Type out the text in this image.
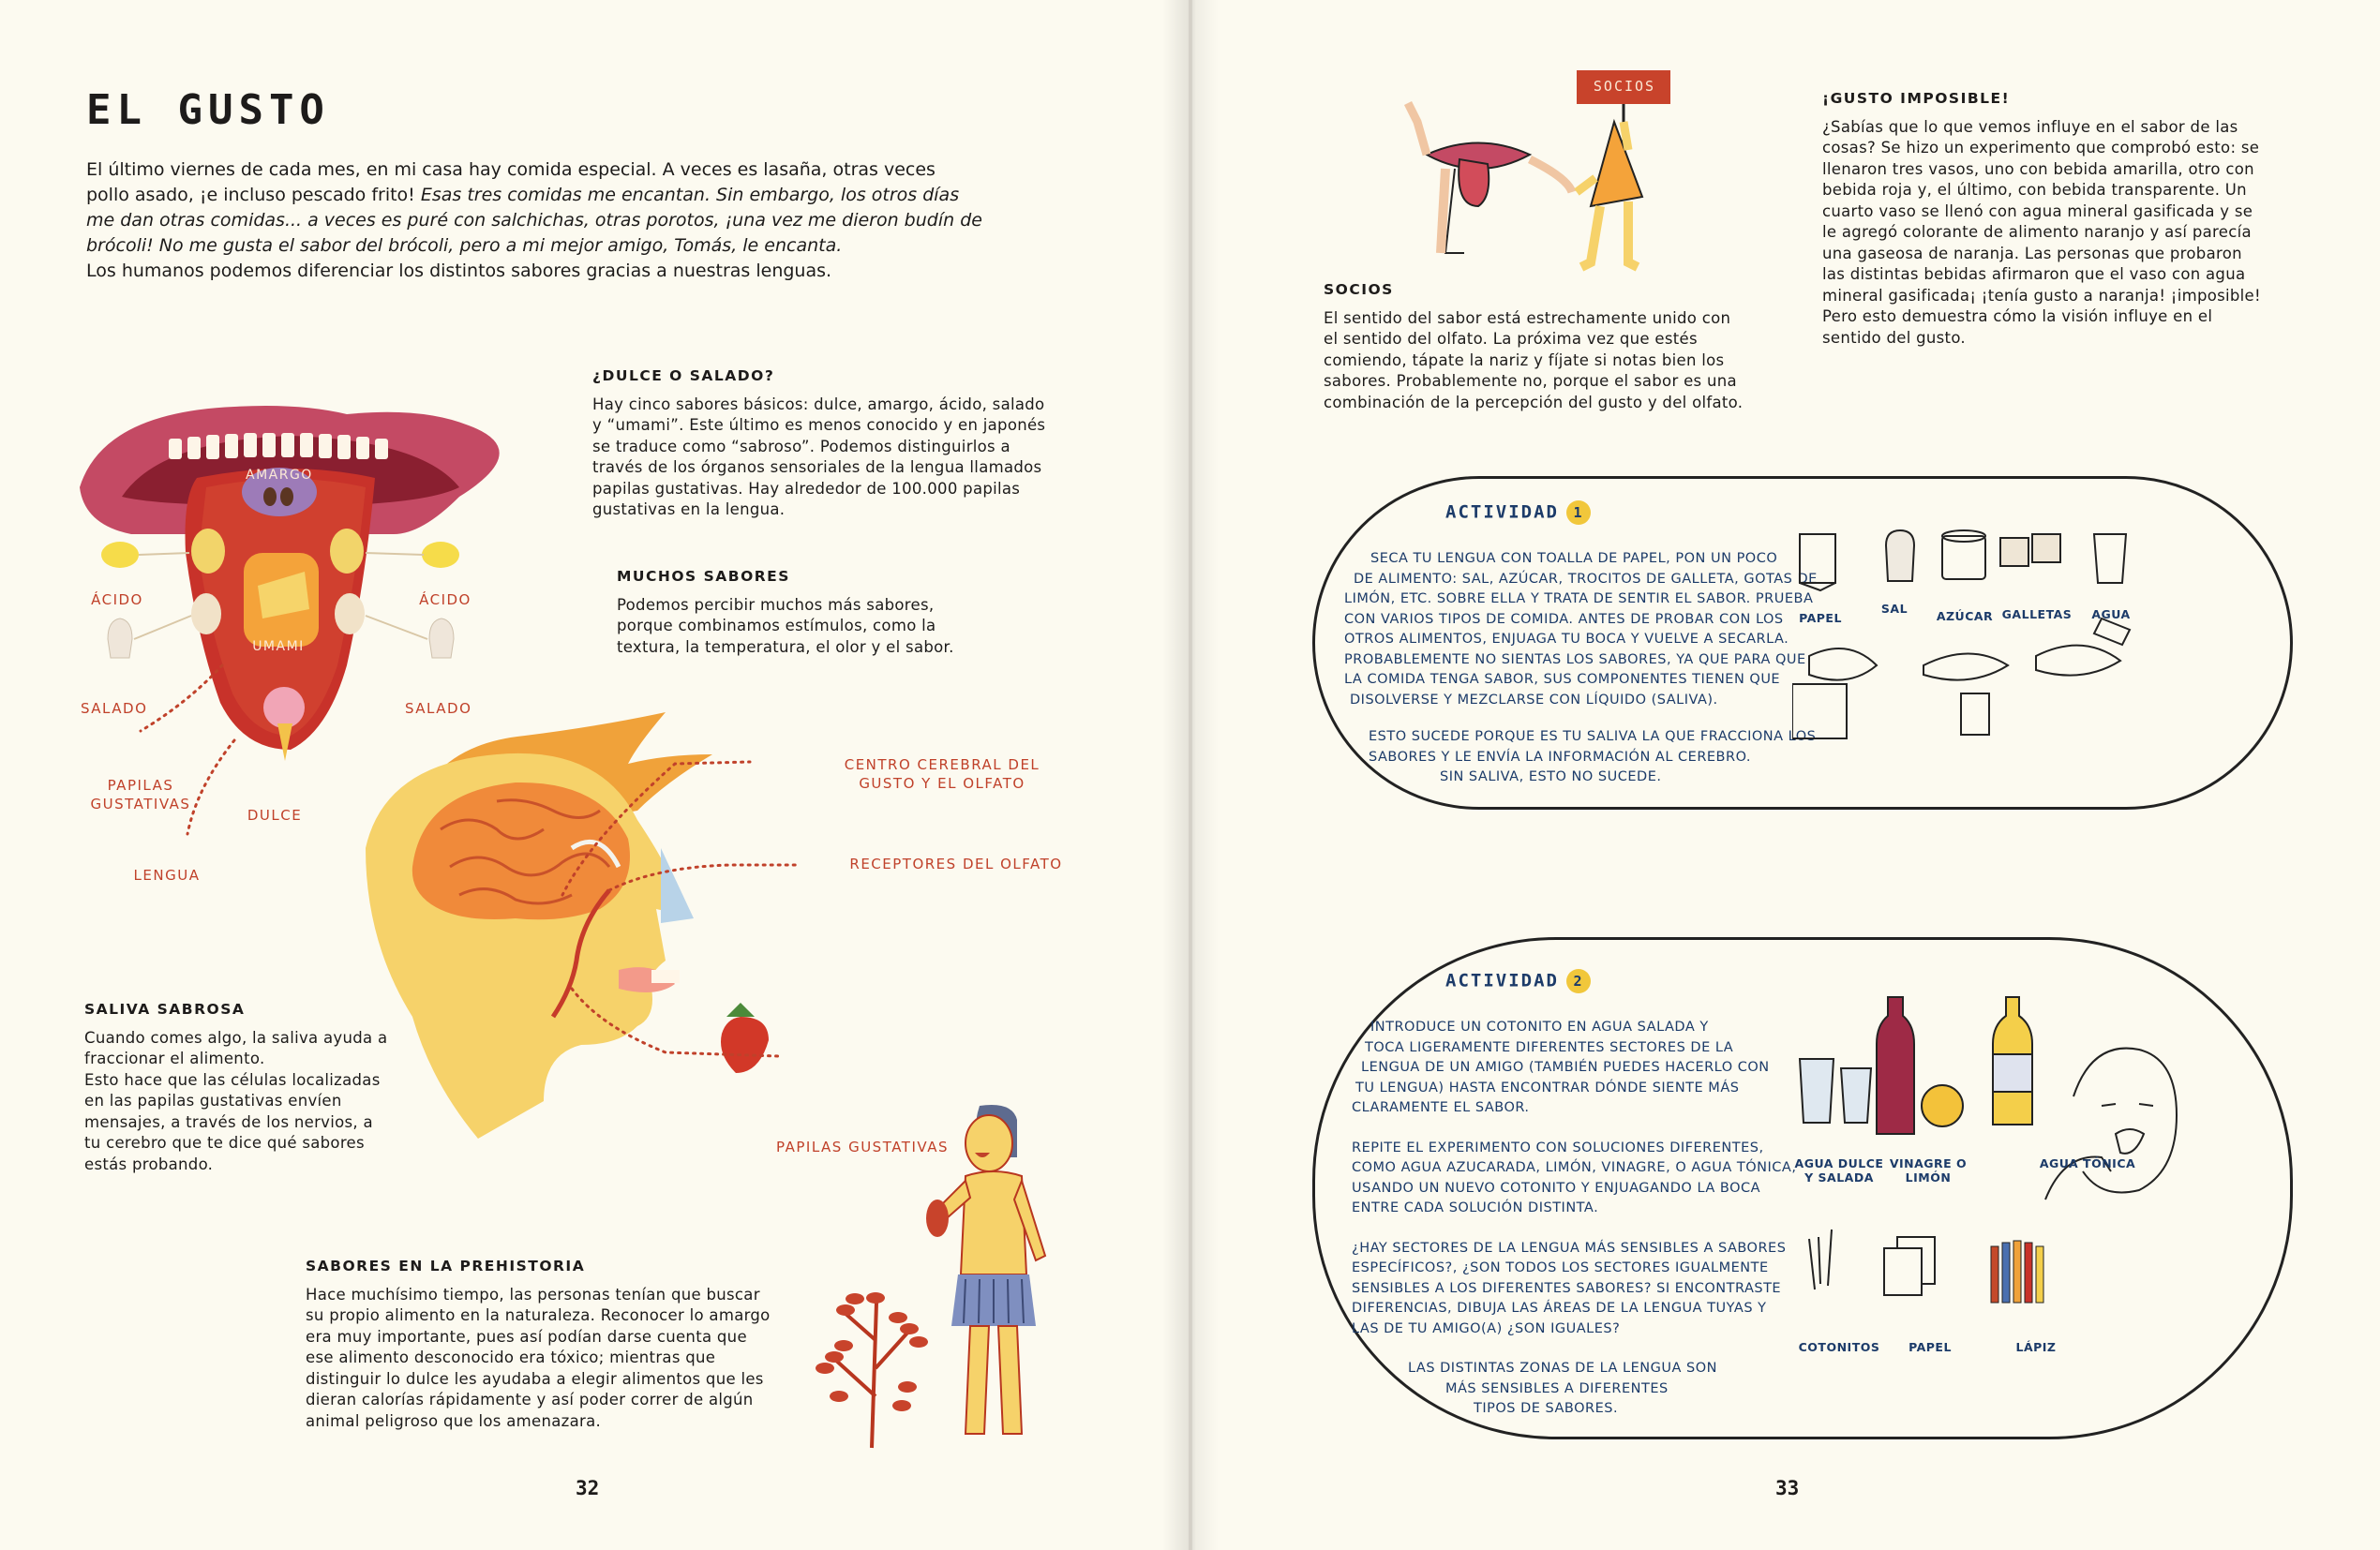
EL GUSTO
El último viernes de cada mes, en mi casa hay comida especial. A veces es lasaña, otras veces
pollo asado, ¡e incluso pescado frito! Esas tres comidas me encantan. Sin embargo, los otros días
me dan otras comidas... a veces es puré con salchichas, otras porotos, ¡una vez me dieron budín de
brócoli! No me gusta el sabor del brócoli, pero a mi mejor amigo, Tomás, le encanta.
Los humanos podemos diferenciar los distintos sabores gracias a nuestras lenguas.
AMARGO
UMAMI
ÁCIDO	ÁCIDO
SALADO	SALADO
PAPILAS
GUSTATIVAS
DULCE
LENGUA
¿DULCE O SALADO?
Hay cinco sabores básicos: dulce, amargo, ácido, salado
y “umami”. Este último es menos conocido y en japonés
se traduce como “sabroso”. Podemos distinguirlos a
través de los órganos sensoriales de la lengua llamados
papilas gustativas. Hay alrededor de 100.000 papilas
gustativas en la lengua.
MUCHOS SABORES
Podemos percibir muchos más sabores,
porque combinamos estímulos, como la
textura, la temperatura, el olor y el sabor.
CENTRO CEREBRAL DEL
GUSTO Y EL OLFATO
RECEPTORES DEL OLFATO
PAPILAS GUSTATIVAS
SALIVA SABROSA
Cuando comes algo, la saliva ayuda a
fraccionar el alimento.
Esto hace que las células localizadas
en las papilas gustativas envíen
mensajes, a través de los nervios, a
tu cerebro que te dice qué sabores
estás probando.
SABORES EN LA PREHISTORIA
Hace muchísimo tiempo, las personas tenían que buscar
su propio alimento en la naturaleza. Reconocer lo amargo
era muy importante, pues así podían darse cuenta que
ese alimento desconocido era tóxico; mientras que
distinguir lo dulce les ayudaba a elegir alimentos que les
dieran calorías rápidamente y así poder correr de algún
animal peligroso que los amenazara.
32
SOCIOS
SOCIOS
El sentido del sabor está estrechamente unido con
el sentido del olfato. La próxima vez que estés
comiendo, tápate la nariz y fíjate si notas bien los
sabores. Probablemente no, porque el sabor es una
combinación de la percepción del gusto y del olfato.
¡GUSTO IMPOSIBLE!
¿Sabías que lo que vemos influye en el sabor de las
cosas? Se hizo un experimento que comprobó esto: se
llenaron tres vasos, uno con bebida amarilla, otro con
bebida roja y, el último, con bebida transparente. Un
cuarto vaso se llenó con agua mineral gasificada y se
le agregó colorante de alimento naranjo y así parecía
una gaseosa de naranja. Las personas que probaron
las distintas bebidas afirmaron que el vaso con agua
mineral gasificada¡ ¡tenía gusto a naranja! ¡imposible!
Pero esto demuestra cómo la visión influye en el
sentido del gusto.
ACTIVIDAD 1
SECA TU LENGUA CON TOALLA DE PAPEL, PON UN POCO
DE ALIMENTO: SAL, AZÚCAR, TROCITOS DE GALLETA, GOTAS DE
LIMÓN, ETC. SOBRE ELLA Y TRATA DE SENTIR EL SABOR. PRUEBA
CON VARIOS TIPOS DE COMIDA. ANTES DE PROBAR CON LOS
OTROS ALIMENTOS, ENJUAGA TU BOCA Y VUELVE A SECARLA.
PROBABLEMENTE NO SIENTAS LOS SABORES, YA QUE PARA QUE
LA COMIDA TENGA SABOR, SUS COMPONENTES TIENEN QUE
DISOLVERSE Y MEZCLARSE CON LÍQUIDO (SALIVA).
ESTO SUCEDE PORQUE ES TU SALIVA LA QUE FRACCIONA LOS
SABORES Y LE ENVÍA LA INFORMACIÓN AL CEREBRO.
SIN SALIVA, ESTO NO SUCEDE.
PAPEL
SAL
AZÚCAR GALLETAS	AGUA
ACTIVIDAD 2
INTRODUCE UN COTONITO EN AGUA SALADA Y
TOCA LIGERAMENTE DIFERENTES SECTORES DE LA
LENGUA DE UN AMIGO (TAMBIÉN PUEDES HACERLO CON
TU LENGUA) HASTA ENCONTRAR DÓNDE SIENTE MÁS
CLARAMENTE EL SABOR.
REPITE EL EXPERIMENTO CON SOLUCIONES DIFERENTES,
COMO AGUA AZUCARADA, LIMÓN, VINAGRE, O AGUA TÓNICA,
USANDO UN NUEVO COTONITO Y ENJUAGANDO LA BOCA
ENTRE CADA SOLUCIÓN DISTINTA.
¿HAY SECTORES DE LA LENGUA MÁS SENSIBLES A SABORES
ESPECÍFICOS?, ¿SON TODOS LOS SECTORES IGUALMENTE
SENSIBLES A LOS DIFERENTES SABORES? SI ENCONTRASTE
DIFERENCIAS, DIBUJA LAS ÁREAS DE LA LENGUA TUYAS Y
LAS DE TU AMIGO(A) ¿SON IGUALES?
LAS DISTINTAS ZONAS DE LA LENGUA SON
MÁS SENSIBLES A DIFERENTES
TIPOS DE SABORES.
AGUA DULCE
Y SALADA
VINAGRE O
LIMÓN
AGUA TÓNICA
COTONITOS	PAPEL	LÁPIZ
33
